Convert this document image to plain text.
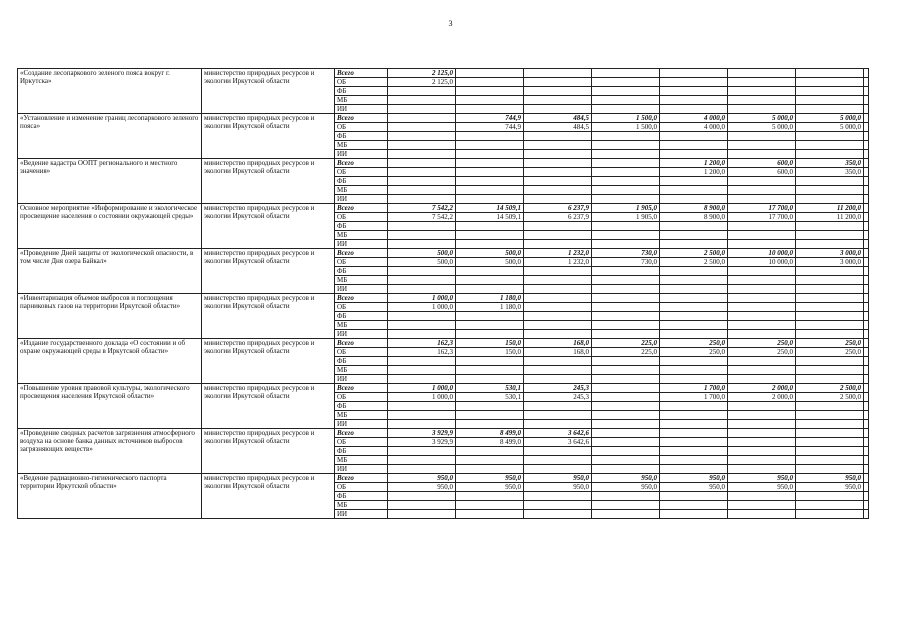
3
«Создание лесопаркового зеленого пояса вокруг г. Иркутска»	министерство природных ресурсов и экологии Иркутской области	Всего	2 125,0							
		ОБ	2 125,0							
		ФБ								
		МБ								
		ИИ								
«Установление и изменение границ лесопаркового зеленого пояса»	министерство природных ресурсов и экологии Иркутской области	Всего		744,9	484,5	1 500,0	4 000,0	5 000,0	5 000,0	
		ОБ		744,9	484,5	1 500,0	4 000,0	5 000,0	5 000,0	
		ФБ								
		МБ								
		ИИ								
«Ведение кадастра ООПТ регионального и местного значения»	министерство природных ресурсов и экологии Иркутской области	Всего					1 200,0	600,0	350,0	
		ОБ					1 200,0	600,0	350,0	
		ФБ								
		МБ								
		ИИ								
Основное мероприятие «Информирование и экологическое просвещение населения о состоянии окружающей среды»	министерство природных ресурсов и экологии Иркутской области	Всего	7 542,2	14 509,1	6 237,9	1 905,0	8 900,0	17 700,0	11 200,0	
		ОБ	7 542,2	14 509,1	6 237,9	1 905,0	8 900,0	17 700,0	11 200,0	
		ФБ								
		МБ								
		ИИ								
«Проведение Дней защиты от экологической опасности, в том числе Дня озера Байкал»	министерство природных ресурсов и экологии Иркутской области	Всего	500,0	500,0	1 232,0	730,0	2 500,0	10 000,0	3 000,0	
		ОБ	500,0	500,0	1 232,0	730,0	2 500,0	10 000,0	3 000,0	
		ФБ								
		МБ								
		ИИ								
«Инвентаризация объемов выбросов и поглощения парниковых газов на территории Иркутской области»	министерство природных ресурсов и экологии Иркутской области	Всего	1 000,0	1 180,0						
		ОБ	1 000,0	1 180,0						
		ФБ								
		МБ								
		ИИ								
«Издание государственного доклада «О состоянии и об охране окружающей среды в Иркутской области»	министерство природных ресурсов и экологии Иркутской области	Всего	162,3	150,0	168,0	225,0	250,0	250,0	250,0	
		ОБ	162,3	150,0	168,0	225,0	250,0	250,0	250,0	
		ФБ								
		МБ								
		ИИ								
«Повышение уровня правовой культуры, экологического просвещения населения Иркутской области»	министерство природных ресурсов и экологии Иркутской области	Всего	1 000,0	530,1	245,3		1 700,0	2 000,0	2 500,0	
		ОБ	1 000,0	530,1	245,3		1 700,0	2 000,0	2 500,0	
		ФБ								
		МБ								
		ИИ								
«Проведение сводных расчетов загрязнения атмосферного воздуха на основе банка данных источников выбросов загрязняющих веществ»	министерство природных ресурсов и экологии Иркутской области	Всего	3 929,9	8 499,0	3 642,6					
		ОБ	3 929,9	8 499,0	3 642,6					
		ФБ								
		МБ								
		ИИ								
«Ведение радиационно-гигиенического паспорта территории Иркутской области»	министерство природных ресурсов и экологии Иркутской области	Всего	950,0	950,0	950,0	950,0	950,0	950,0	950,0	
		ОБ	950,0	950,0	950,0	950,0	950,0	950,0	950,0	
		ФБ								
		МБ								
		ИИ								
